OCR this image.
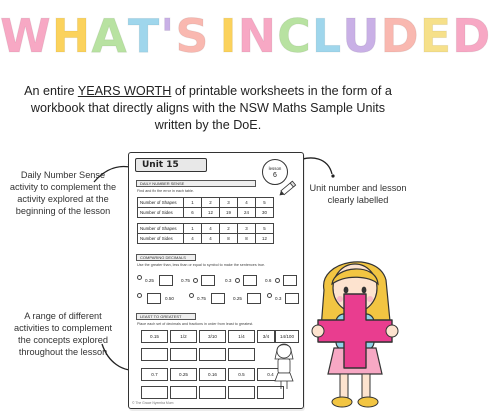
WHAT'S INCLUDED
An entire YEARS WORTH of printable worksheets in the form of a workbook that directly aligns with the NSW Maths Sample Units written by the DoE.
Daily Number Sense activity to complement the activity explored at the beginning of the lesson
A range of different activities to complement the concepts explored throughout the lesson
Unit number and lesson clearly labelled
Unit 15	lesson
6
DAILY NUMBER SENSE
Find and fix the error in each table.
Number of Shapes	1	2	3	4	5
Number of Sides	6	12	19	24	30
Number of Shapes	1	4	2	3	5
Number of Sides	4	4	8	8	12
COMPARING DECIMALS
Use the greater than, less than or equal to symbol to make the sentences true.
0.25	0.75	0.3	0.6
0.50	0.75	0.25	0.3
LEAST TO GREATEST
Place each set of decimals and fractions in order from least to greatest.
0.15	1/2	3/10	1/4	3/4	14/100
0.7	0.25	0.16	0.5	0.4
© The Grace Nyemba Mum
